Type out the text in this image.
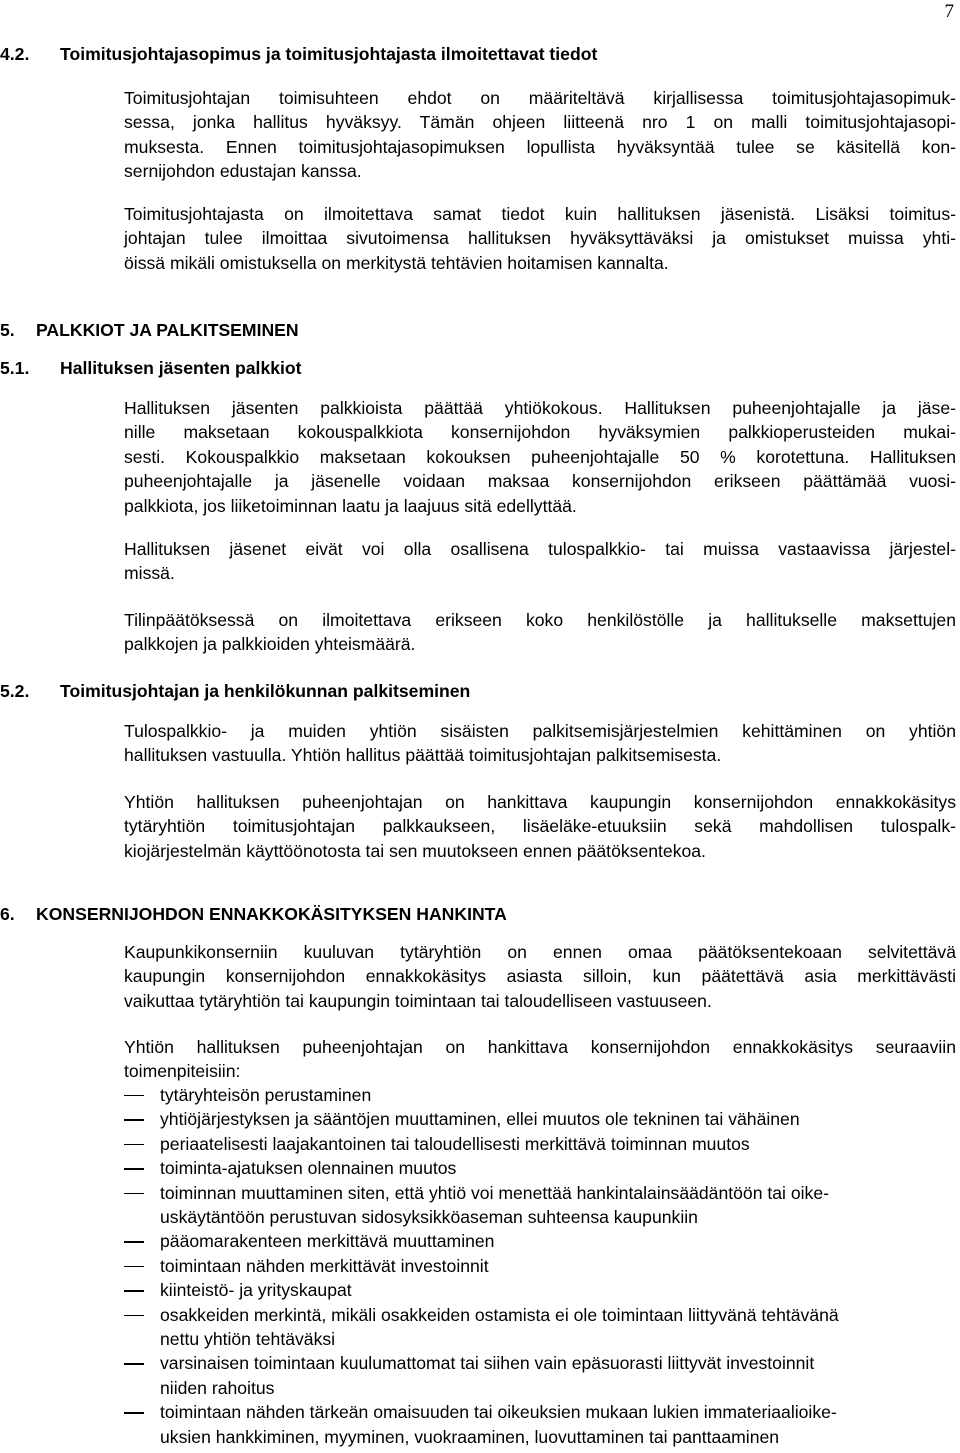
7
4.2. Toimitusjohtajasopimus ja toimitusjohtajasta ilmoitettavat tiedot
Toimitusjohtajan toimisuhteen ehdot on määriteltävä kirjallisessa toimitusjohtajasopimuk-
sessa, jonka hallitus hyväksyy. Tämän ohjeen liitteenä nro 1 on malli toimitusjohtajasopi-
muksesta. Ennen toimitusjohtajasopimuksen lopullista hyväksyntää tulee se käsitellä kon-
sernijohdon edustajan kanssa.
Toimitusjohtajasta on ilmoitettava samat tiedot kuin hallituksen jäsenistä. Lisäksi toimitus-
johtajan tulee ilmoittaa sivutoimensa hallituksen hyväksyttäväksi ja omistukset muissa yhti-
öissä mikäli omistuksella on merkitystä tehtävien hoitamisen kannalta.
5. PALKKIOT JA PALKITSEMINEN
5.1. Hallituksen jäsenten palkkiot
Hallituksen jäsenten palkkioista päättää yhtiökokous. Hallituksen puheenjohtajalle ja jäse-
nille maksetaan kokouspalkkiota konsernijohdon hyväksymien palkkioperusteiden mukai-
sesti. Kokouspalkkio maksetaan kokouksen puheenjohtajalle 50 % korotettuna. Hallituksen
puheenjohtajalle ja jäsenelle voidaan maksaa konsernijohdon erikseen päättämää vuosi-
palkkiota, jos liiketoiminnan laatu ja laajuus sitä edellyttää.
Hallituksen jäsenet eivät voi olla osallisena tulospalkkio- tai muissa vastaavissa järjestel-
missä.
Tilinpäätöksessä on ilmoitettava erikseen koko henkilöstölle ja hallitukselle maksettujen
palkkojen ja palkkioiden yhteismäärä.
5.2. Toimitusjohtajan ja henkilökunnan palkitseminen
Tulospalkkio- ja muiden yhtiön sisäisten palkitsemisjärjestelmien kehittäminen on yhtiön
hallituksen vastuulla. Yhtiön hallitus päättää toimitusjohtajan palkitsemisesta.
Yhtiön hallituksen puheenjohtajan on hankittava kaupungin konsernijohdon ennakkokäsitys
tytäryhtiön toimitusjohtajan palkkaukseen, lisäeläke-etuuksiin sekä mahdollisen tulospalk-
kiojärjestelmän käyttöönotosta tai sen muutokseen ennen päätöksentekoa.
6. KONSERNIJOHDON ENNAKKOKÄSITYKSEN HANKINTA
Kaupunkikonserniin kuuluvan tytäryhtiön on ennen omaa päätöksentekoaan selvitettävä
kaupungin konsernijohdon ennakkokäsitys asiasta silloin, kun päätettävä asia merkittävästi
vaikuttaa tytäryhtiön tai kaupungin toimintaan tai taloudelliseen vastuuseen.
Yhtiön hallituksen puheenjohtajan on hankittava konsernijohdon ennakkokäsitys seuraaviin
toimenpiteisiin:
tytäryhteisön perustaminen
yhtiöjärjestyksen ja sääntöjen muuttaminen, ellei muutos ole tekninen tai vähäinen
periaatelisesti laajakantoinen tai taloudellisesti merkittävä toiminnan muutos
toiminta-ajatuksen olennainen muutos
toiminnan muuttaminen siten, että yhtiö voi menettää hankintalainsäädäntöön tai oike-
uskäytäntöön perustuvan sidosyksikköaseman suhteensa kaupunkiin
pääomarakenteen merkittävä muuttaminen
toimintaan nähden merkittävät investoinnit
kiinteistö- ja yrityskaupat
osakkeiden merkintä, mikäli osakkeiden ostamista ei ole toimintaan liittyvänä tehtävänä
nettu yhtiön tehtäväksi
varsinaisen toimintaan kuulumattomat tai siihen vain epäsuorasti liittyvät investoinnit
niiden rahoitus
toimintaan nähden tärkeän omaisuuden tai oikeuksien mukaan lukien immateriaalioike-
uksien hankkiminen, myyminen, vuokraaminen, luovuttaminen tai panttaaminen
